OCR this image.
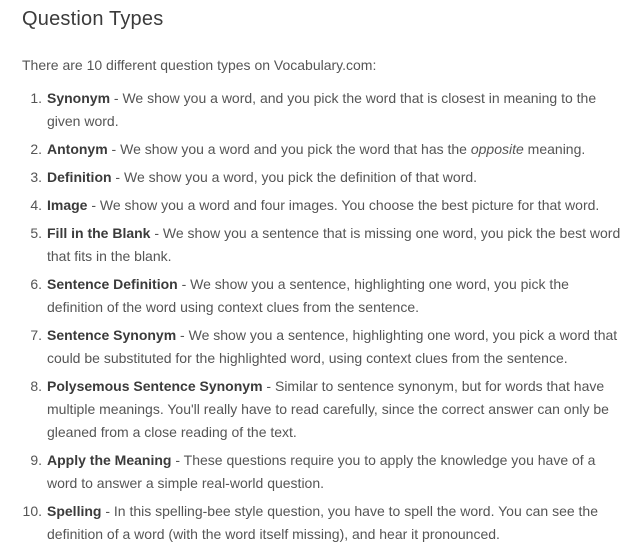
Question Types

There are 10 different question types on Vocabulary.com:

1. Synonym - We show you a word, and you pick the word that is closest in meaning to the given word.
2. Antonym - We show you a word and you pick the word that has the opposite meaning.
3. Definition - We show you a word, you pick the definition of that word.
4. Image - We show you a word and four images. You choose the best picture for that word.
5. Fill in the Blank - We show you a sentence that is missing one word, you pick the best word that fits in the blank.
6. Sentence Definition - We show you a sentence, highlighting one word, you pick the definition of the word using context clues from the sentence.
7. Sentence Synonym - We show you a sentence, highlighting one word, you pick a word that could be substituted for the highlighted word, using context clues from the sentence.
8. Polysemous Sentence Synonym - Similar to sentence synonym, but for words that have multiple meanings. You'll really have to read carefully, since the correct answer can only be gleaned from a close reading of the text.
9. Apply the Meaning - These questions require you to apply the knowledge you have of a word to answer a simple real-world question.
10. Spelling - In this spelling-bee style question, you have to spell the word. You can see the definition of a word (with the word itself missing), and hear it pronounced.
